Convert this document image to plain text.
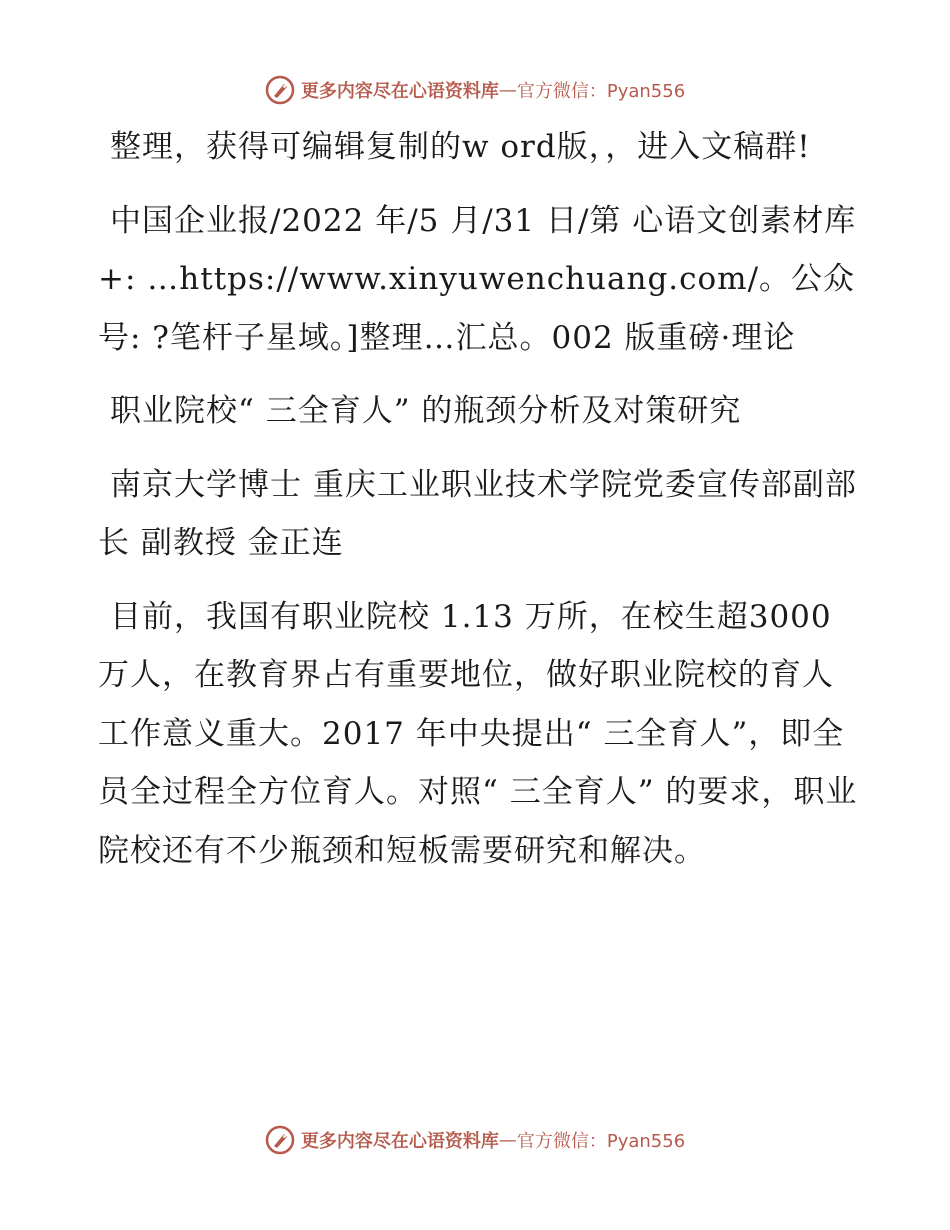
更多内容尽在心语资料库 — 官方微信：Pyan556

整理，获得可编辑复制的w ord版，，进入文稿群!

中国企业报/2022 年/5 月/31 日/第 心语文创素材库+: …https://www.xinyuwenchuang.com/。公众号: ?笔杆子星域。]整理…汇总。002 版重磅·理论

职业院校“ 三全育人” 的瓶颈分析及对策研究

南京大学博士 重庆工业职业技术学院党委宣传部副部长 副教授 金正连

目前，我国有职业院校 1.13 万所，在校生超3000 万人，在教育界占有重要地位，做好职业院校的育人工作意义重大。2017 年中央提出“ 三全育人”，即全员全过程全方位育人。对照“ 三全育人” 的要求，职业院校还有不少瓶颈和短板需要研究和解决。

更多内容尽在心语资料库 — 官方微信：Pyan556
